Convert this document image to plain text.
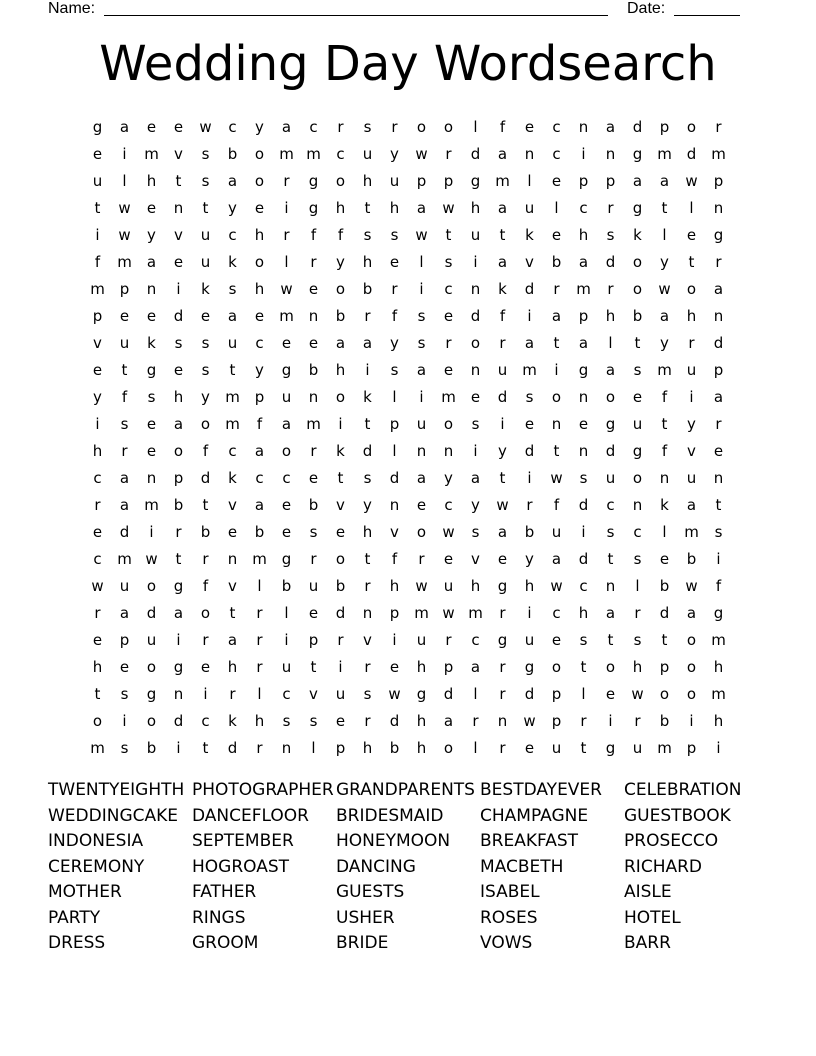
Name:	Date:
Wedding Day Wordsearch
g	a	e	e	w	c	y	a	c	r	s	r	o	o	l	f	e	c	n	a	d	p	o	r
e	i	m	v	s	b	o	m m	c	u	y	w	r	d	a	n	c	i	n	g m d m
u	l	h	t	s	a	o	r	g	o	h	u	p	p	g m	l	e	p	p	a	a	w	p
t	w	e	n	t	y	e	i	g	h	t	h	a	w	h	a	u	l	c	r	g	t	l	n
i	w	y	v	u	c	h	r	f	f	s	s	w	t	u	t	k	e	h	s	k	l	e	g
f	m	a	e	u	k	o	l	r	y	h	e	l	s	i	a	v	b	a	d	o	y	t	r
m p	n	i	k	s	h	w	e	o	b	r	i	c	n	k	d	r	m	r	o	w	o	a
p	e	e	d	e	a	e	m n	b	r	f	s	e	d	f	i	a	p	h	b	a	h	n
v	u	k	s	s	u	c	e	e	a	a	y	s	r	o	r	a	t	a	l	t	y	r	d
e	t	g	e	s	t	y	g	b	h	i	s	a	e	n	u m	i	g	a	s	m u	p
y	f	s	h	y	m p	u	n	o	k	l	i	m	e	d	s	o	n	o	e	f	i	a
i	s	e	a	o	m	f	a	m	i	t	p	u	o	s	i	e	n	e	g	u	t	y	r
h	r	e	o	f	c	a	o	r	k	d	l	n	n	i	y	d	t	n	d	g	f	v	e
c	a	n	p	d	k	c	c	e	t	s	d	a	y	a	t	i	w	s	u	o	n	u	n
r	a	m b	t	v	a	e	b	v	y	n	e	c	y	w	r	f	d	c	n	k	a	t
e	d	i	r	b	e	b	e	s	e	h	v	o	w	s	a	b	u	i	s	c	l	m	s
c	m w	t	r	n m g	r	o	t	f	r	e	v	e	y	a	d	t	s	e	b	i
w	u	o	g	f	v	l	b	u	b	r	h	w	u	h	g	h	w	c	n	l	b	w	f
r	a	d	a	o	t	r	l	e	d	n	p m w m	r	i	c	h	a	r	d	a	g
e	p	u	i	r	a	r	i	p	r	v	i	u	r	c	g	u	e	s	t	s	t	o	m
h	e	o	g	e	h	r	u	t	i	r	e	h	p	a	r	g	o	t	o	h	p	o	h
t	s	g	n	i	r	l	c	v	u	s	w	g	d	l	r	d	p	l	e	w	o	o	m
o	i	o	d	c	k	h	s	s	e	r	d	h	a	r	n	w	p	r	i	r	b	i	h
m	s	b	i	t	d	r	n	l	p	h	b	h	o	l	r	e	u	t	g	u m p	i
TWENTYEIGHTH PHOTOGRAPHER GRANDPARENTS BESTDAYEVER	CELEBRATION
WEDDINGCAKE DANCEFLOOR	BRIDESMAID	CHAMPAGNE	GUESTBOOK
INDONESIA	SEPTEMBER	HONEYMOON	BREAKFAST	PROSECCO
CEREMONY	HOGROAST	DANCING	MACBETH	RICHARD
MOTHER	FATHER	GUESTS	ISABEL	AISLE
PARTY	RINGS	USHER	ROSES	HOTEL
DRESS	GROOM	BRIDE	VOWS	BARR
